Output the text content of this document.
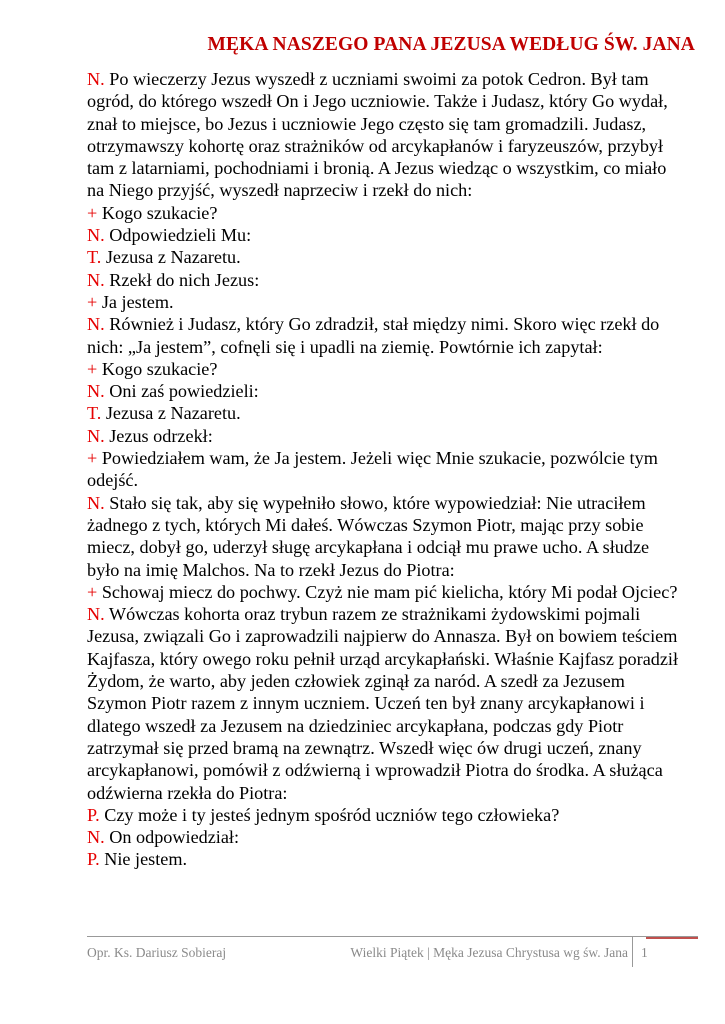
MĘKA NASZEGO PANA JEZUSA WEDŁUG ŚW. JANA

N. Po wieczerzy Jezus wyszedł z uczniami swoimi za potok Cedron. Był tam ogród, do którego wszedł On i Jego uczniowie. Także i Judasz, który Go wydał, znał to miejsce, bo Jezus i uczniowie Jego często się tam gromadzili. Judasz, otrzymawszy kohortę oraz strażników od arcykapłanów i faryzeuszów, przybył tam z latarniami, pochodniami i bronią. A Jezus wiedząc o wszystkim, co miało na Niego przyjść, wyszedł naprzeciw i rzekł do nich:

+ Kogo szukacie?

N. Odpowiedzieli Mu:

T. Jezusa z Nazaretu.

N. Rzekł do nich Jezus:

+ Ja jestem.

N. Również i Judasz, który Go zdradził, stał między nimi. Skoro więc rzekł do nich: „Ja jestem”, cofnęli się i upadli na ziemię. Powtórnie ich zapytał:

+ Kogo szukacie?

N. Oni zaś powiedzieli:

T. Jezusa z Nazaretu.

N. Jezus odrzekł:

+ Powiedziałem wam, że Ja jestem. Jeżeli więc Mnie szukacie, pozwólcie tym odejść.

N. Stało się tak, aby się wypełniło słowo, które wypowiedział: Nie utraciłem żadnego z tych, których Mi dałeś. Wówczas Szymon Piotr, mając przy sobie miecz, dobył go, uderzył sługę arcykapłana i odciął mu prawe ucho. A słudze było na imię Malchos. Na to rzekł Jezus do Piotra:

+ Schowaj miecz do pochwy. Czyż nie mam pić kielicha, który Mi podał Ojciec?

N. Wówczas kohorta oraz trybun razem ze strażnikami żydowskimi pojmali Jezusa, związali Go i zaprowadzili najpierw do Annasza. Był on bowiem teściem Kajfasza, który owego roku pełnił urząd arcykapłański. Właśnie Kajfasz poradził Żydom, że warto, aby jeden człowiek zginął za naród. A szedł za Jezusem Szymon Piotr razem z innym uczniem. Uczeń ten był znany arcykapłanowi i dlatego wszedł za Jezusem na dziedziniec arcykapłana, podczas gdy Piotr zatrzymał się przed bramą na zewnątrz. Wszedł więc ów drugi uczeń, znany arcykapłanowi, pomówił z odźwierną i wprowadził Piotra do środka. A służąca odźwierna rzekła do Piotra:

P. Czy może i ty jesteś jednym spośród uczniów tego człowieka?

N. On odpowiedział:

P. Nie jestem.

Opr. Ks. Dariusz Sobieraj	Wielki Piątek | Męka Jezusa Chrystusa wg św. Jana 1
